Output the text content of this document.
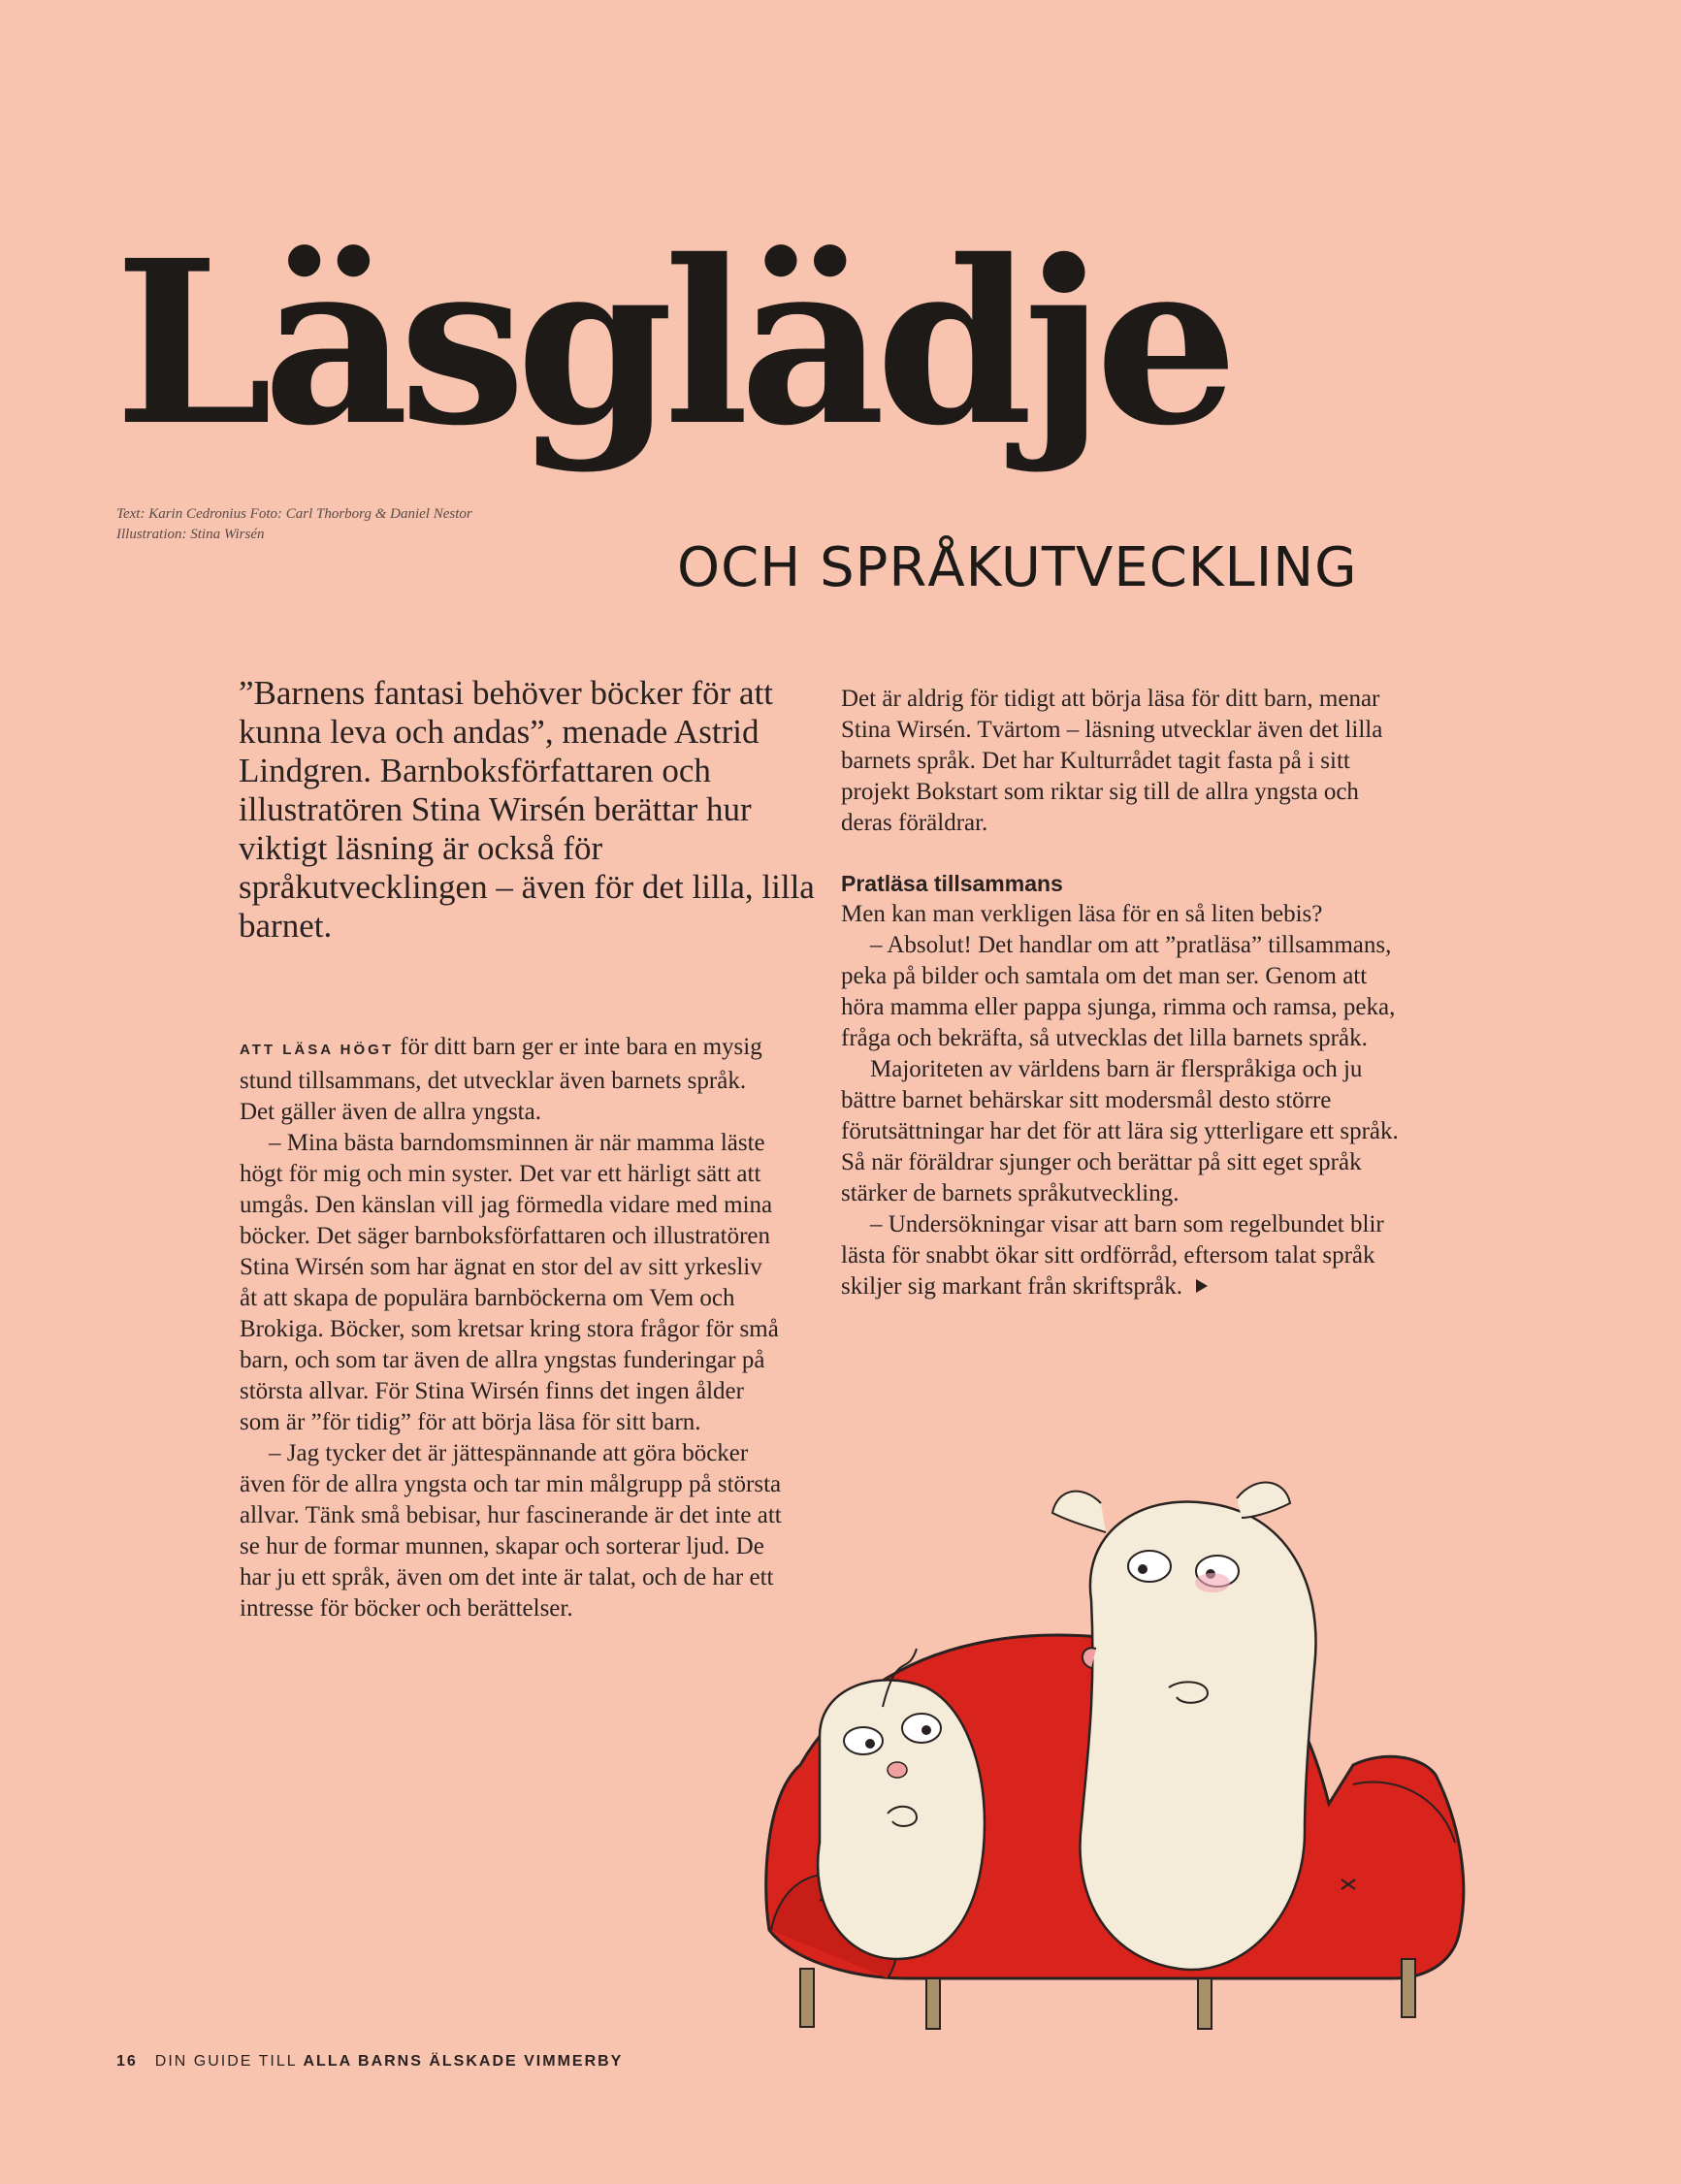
Läsglädje
Text: Karin Cedronius Foto: Carl Thorborg & Daniel Nestor
Illustration: Stina Wirsén
OCH SPRÅKUTVECKLING
”Barnens fantasi behöver böcker för att kunna leva och andas”, menade Astrid Lindgren. Barnboksförfattaren och illustratören Stina Wirsén berättar hur viktigt läsning är också för språkutvecklingen – även för det lilla, lilla barnet.

ATT LÄSA HÖGT för ditt barn ger er inte bara en mysig stund tillsammans, det utvecklar även barnets språk. Det gäller även de allra yngsta.

– Mina bästa barndomsminnen är när mamma läste högt för mig och min syster. Det var ett härligt sätt att umgås. Den känslan vill jag förmedla vidare med mina böcker. Det säger barnboksförfattaren och illustratören Stina Wirsén som har ägnat en stor del av sitt yrkesliv åt att skapa de populära barnböckerna om Vem och Brokiga. Böcker, som kretsar kring stora frågor för små barn, och som tar även de allra yngstas funderingar på största allvar. För Stina Wirsén finns det ingen ålder som är ”för tidig” för att börja läsa för sitt barn.

– Jag tycker det är jättespännande att göra böcker även för de allra yngsta och tar min målgrupp på största allvar. Tänk små bebisar, hur fascinerande är det inte att se hur de formar munnen, skapar och sorterar ljud. De har ju ett språk, även om det inte är talat, och de har ett intresse för böcker och berättelser.

Det är aldrig för tidigt att börja läsa för ditt barn, menar Stina Wirsén. Tvärtom – läsning utvecklar även det lilla barnets språk. Det har Kulturrådet tagit fasta på i sitt projekt Bokstart som riktar sig till de allra yngsta och deras föräldrar.

Pratläsa tillsammans

Men kan man verkligen läsa för en så liten bebis?

– Absolut! Det handlar om att ”pratläsa” tillsammans, peka på bilder och samtala om det man ser. Genom att höra mamma eller pappa sjunga, rimma och ramsa, peka, fråga och bekräfta, så utvecklas det lilla barnets språk.

Majoriteten av världens barn är flerspråkiga och ju bättre barnet behärskar sitt modersmål desto större förutsättningar har det för att lära sig ytterligare ett språk. Så när föräldrar sjunger och berättar på sitt eget språk stärker de barnets språkutveckling.

– Undersökningar visar att barn som regelbundet blir lästa för snabbt ökar sitt ordförråd, eftersom talat språk skiljer sig markant från skriftspråk.

16 DIN GUIDE TILL ALLA BARNS ÄLSKADE VIMMERBY
